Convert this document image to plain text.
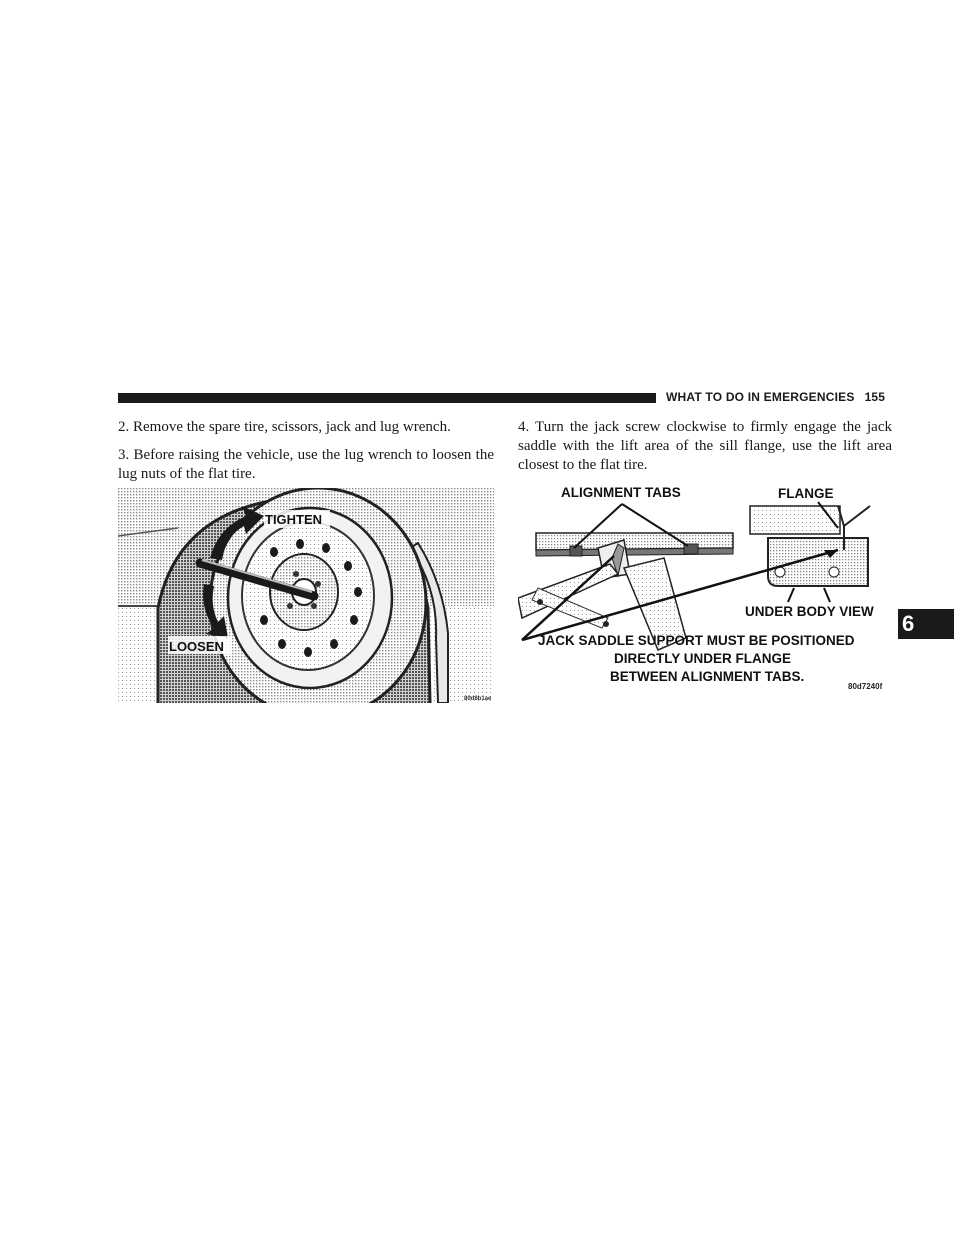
WHAT TO DO IN EMERGENCIES 155

2. Remove the spare tire, scissors, jack and lug wrench.

3. Before raising the vehicle, use the lug wrench to loosen the lug nuts of the flat tire.

4. Turn the jack screw clockwise to firmly engage the jack saddle with the lift area of the sill flange, use the lift area closest to the flat tire.

TIGHTEN
LOOSEN
80d8b1ae
ALIGNMENT TABS	FLANGE
UNDER BODY VIEW
JACK SADDLE SUPPORT MUST BE POSITIONED
DIRECTLY UNDER FLANGE
BETWEEN ALIGNMENT TABS.
80d7240f
6
